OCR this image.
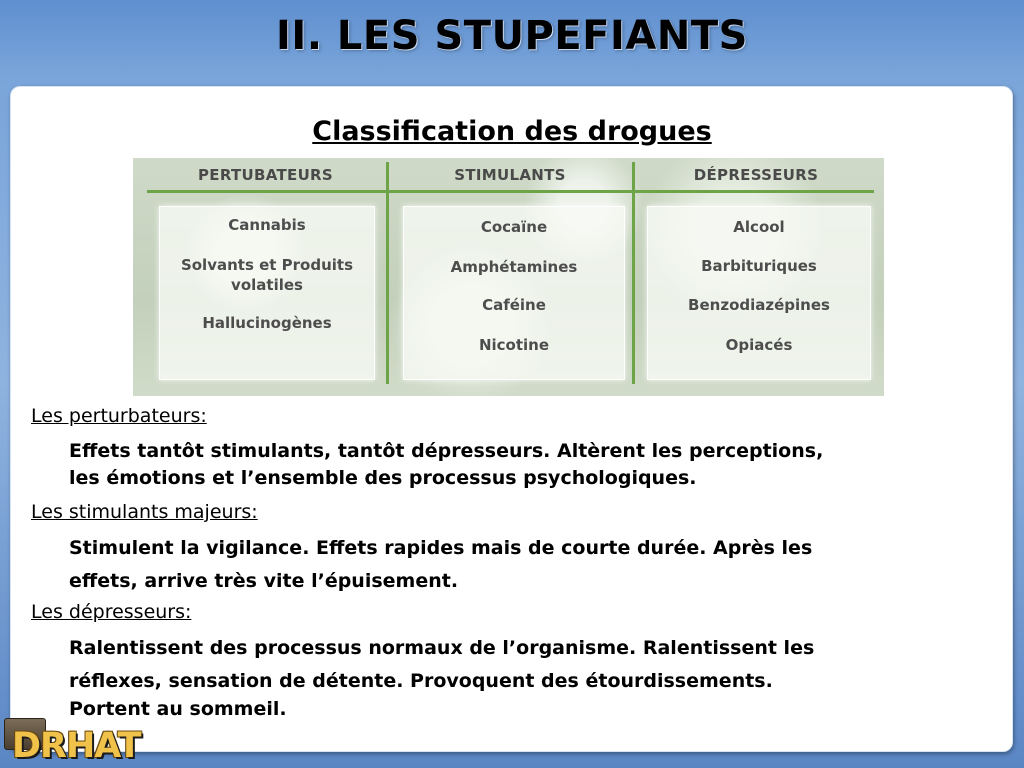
II. LES STUPEFIANTS
Classification des drogues
PERTUBATEURS
Cannabis
Solvants et Produits volatiles
Hallucinogènes
STIMULANTS
Cocaïne
Amphétamines
Caféine
Nicotine
DÉPRESSEURS
Alcool
Barbituriques
Benzodiazépines
Opiacés
Les perturbateurs:
Effets tantôt stimulants, tantôt dépresseurs. Altèrent les perceptions,
les émotions et l’ensemble des processus psychologiques.
Les stimulants majeurs:
Stimulent la vigilance. Effets rapides mais de courte durée. Après les
effets, arrive très vite l’épuisement.
Les dépresseurs:
Ralentissent des processus normaux de l’organisme. Ralentissent les
réflexes, sensation de détente. Provoquent des étourdissements.
Portent au sommeil.
DRHAT
